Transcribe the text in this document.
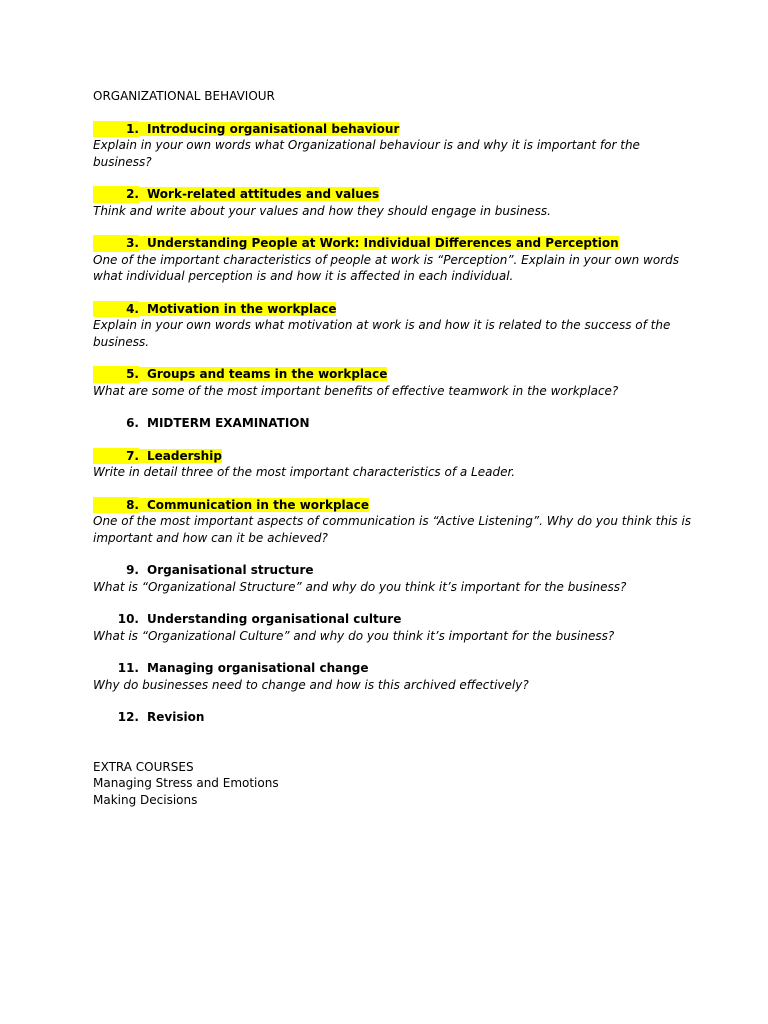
ORGANIZATIONAL BEHAVIOUR
1. Introducing organisational behaviour
Explain in your own words what Organizational behaviour is and why it is important for the business?
2. Work-related attitudes and values
Think and write about your values and how they should engage in business.
3. Understanding People at Work: Individual Differences and Perception
One of the important characteristics of people at work is “Perception”. Explain in your own words what individual perception is and how it is affected in each individual.
4. Motivation in the workplace
Explain in your own words what motivation at work is and how it is related to the success of the business.
5. Groups and teams in the workplace
What are some of the most important benefits of effective teamwork in the workplace?
6. MIDTERM EXAMINATION
7. Leadership
Write in detail three of the most important characteristics of a Leader.
8. Communication in the workplace
One of the most important aspects of communication is “Active Listening”. Why do you think this is important and how can it be achieved?
9. Organisational structure
What is “Organizational Structure” and why do you think it’s important for the business?
10. Understanding organisational culture
What is “Organizational Culture” and why do you think it’s important for the business?
11. Managing organisational change
Why do businesses need to change and how is this archived effectively?
12. Revision
EXTRA COURSES
Managing Stress and Emotions
Making Decisions
